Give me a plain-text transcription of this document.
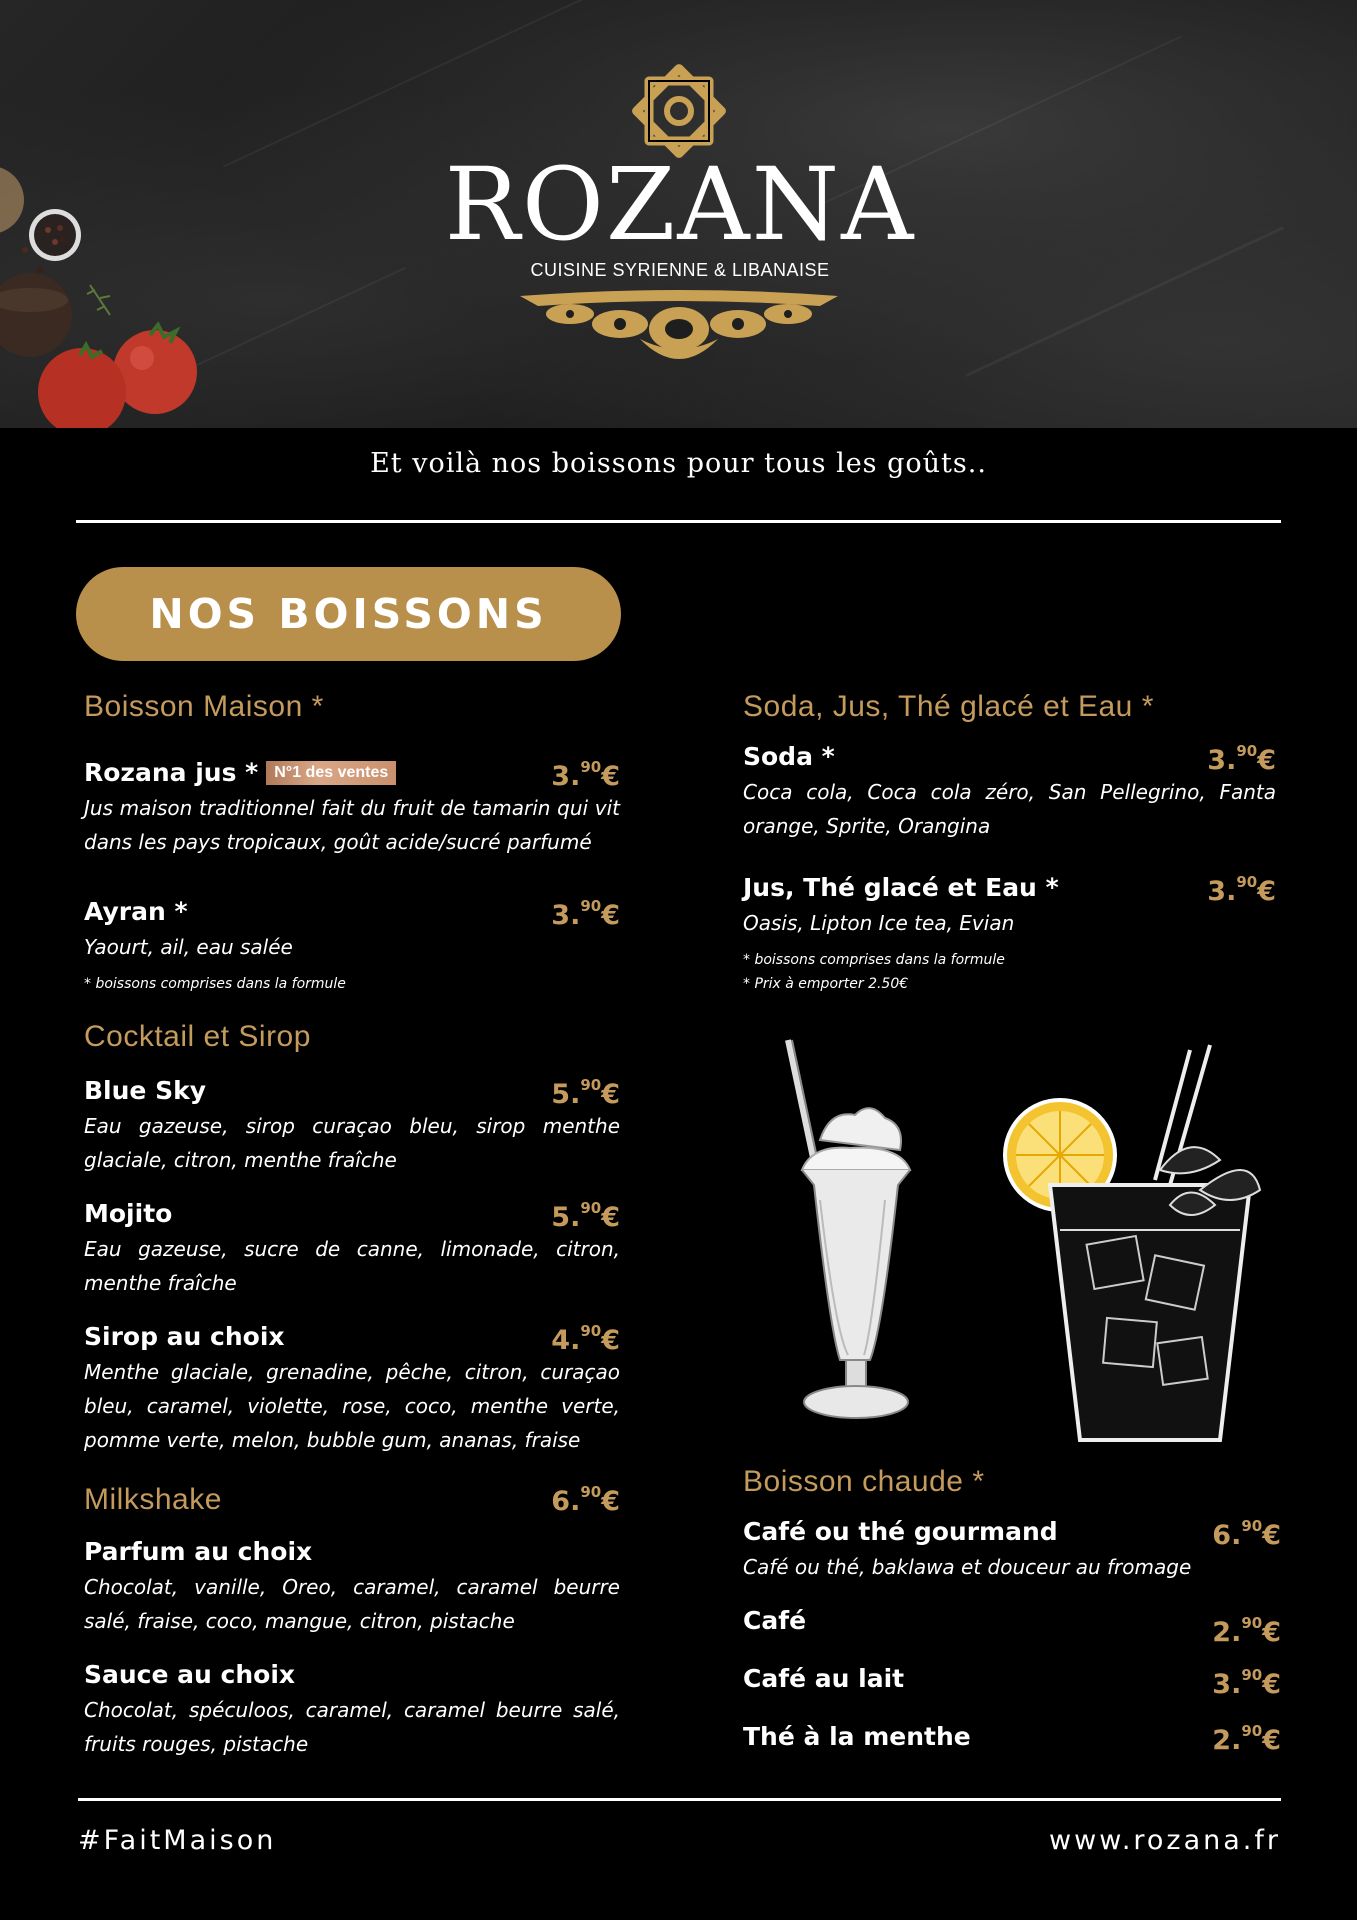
ROZANA
CUISINE SYRIENNE & LIBANAISE
Et voilà nos boissons pour tous les goûts..
NOS BOISSONS
Boisson Maison *
Rozana jus * N°1 des ventes	3.90€
Jus maison traditionnel fait du fruit de tamarin qui vit dans les pays tropicaux, goût acide/sucré parfumé
Ayran *	3.90€
Yaourt, ail, eau salée
* boissons comprises dans la formule
Cocktail et Sirop
Blue Sky	5.90€
Eau gazeuse, sirop curaçao bleu, sirop menthe glaciale, citron, menthe fraîche
Mojito	5.90€
Eau gazeuse, sucre de canne, limonade, citron, menthe fraîche
Sirop au choix	4.90€
Menthe glaciale, grenadine, pêche, citron, curaçao bleu, caramel, violette, rose, coco, menthe verte, pomme verte, melon, bubble gum, ananas, fraise
Milkshake	6.90€
Parfum au choix
Chocolat, vanille, Oreo, caramel, caramel beurre salé, fraise, coco, mangue, citron, pistache
Sauce au choix
Chocolat, spéculoos, caramel, caramel beurre salé, fruits rouges, pistache
Soda, Jus, Thé glacé et Eau *
Soda *	3.90€
Coca cola, Coca cola zéro, San Pellegrino, Fanta orange, Sprite, Orangina
Jus, Thé glacé et Eau *	3.90€
Oasis, Lipton Ice tea, Evian
* boissons comprises dans la formule
* Prix à emporter 2.50€
Boisson chaude *
Café ou thé gourmand	6.90€
Café ou thé, baklawa et douceur au fromage
Café	2.90€
Café au lait	3.90€
Thé à la menthe	2.90€
#FaitMaison	www.rozana.fr
